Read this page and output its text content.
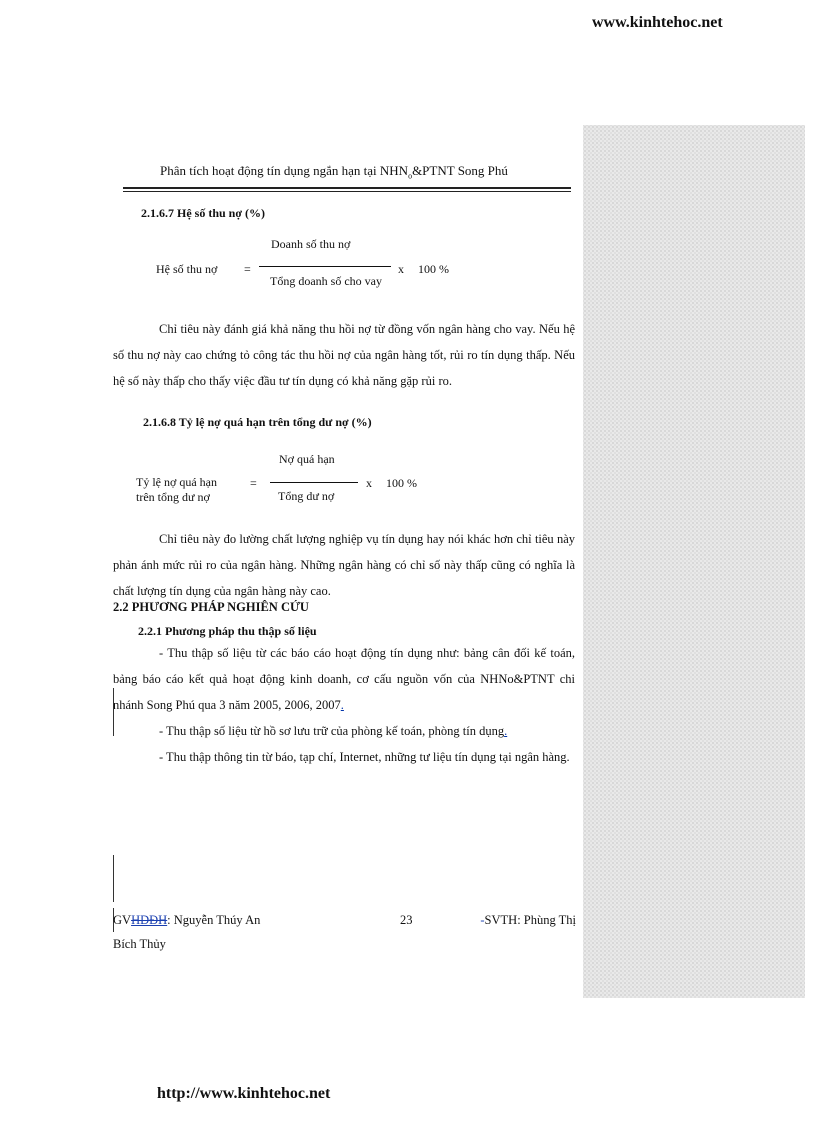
www.kinhtehoc.net
Phân tích hoạt động tín dụng ngắn hạn tại $NHN_o\&PTNT$ Song Phú
2.1.6.7 Hệ số thu nợ (%)
Doanh số thu nợ
Hệ số thu nợ =	x 100 %
Tổng doanh số cho vay
Chỉ tiêu này đánh giá khả năng thu hồi nợ từ đồng vốn ngân hàng cho vay. Nếu hệ số thu nợ này cao chứng tỏ công tác thu hồi nợ của ngân hàng tốt, rủi ro tín dụng thấp. Nếu hệ số này thấp cho thấy việc đầu tư tín dụng có khả năng gặp rủi ro.
2.1.6.8 Tỷ lệ nợ quá hạn trên tổng dư nợ (%)
Nợ quá hạn
Tỷ lệ nợ quá hạn
trên tổng dư nợ
=	x 100 %
Tổng dư nợ
Chỉ tiêu này đo lường chất lượng nghiệp vụ tín dụng hay nói khác hơn chỉ tiêu này phản ánh mức rủi ro của ngân hàng. Những ngân hàng có chỉ số này thấp cũng có nghĩa là chất lượng tín dụng của ngân hàng này cao.
2.2 PHƯƠNG PHÁP NGHIÊN CỨU
2.2.1 Phương pháp thu thập số liệu
- Thu thập số liệu từ các báo cáo hoạt động tín dụng như: bảng cân đối kế toán, bảng báo cáo kết quả hoạt động kinh doanh, cơ cấu nguồn vốn của NHNo&PTNT chi nhánh Song Phú qua 3 năm 2005, 2006, 2007.
- Thu thập số liệu từ hồ sơ lưu trữ của phòng kế toán, phòng tín dụng.
- Thu thập thông tin từ báo, tạp chí, Internet, những tư liệu tín dụng tại ngân hàng.
GVHDĐH: Nguyễn Thúy An	23	-SVTH: Phùng Thị
Bích Thủy
http://www.kinhtehoc.net
